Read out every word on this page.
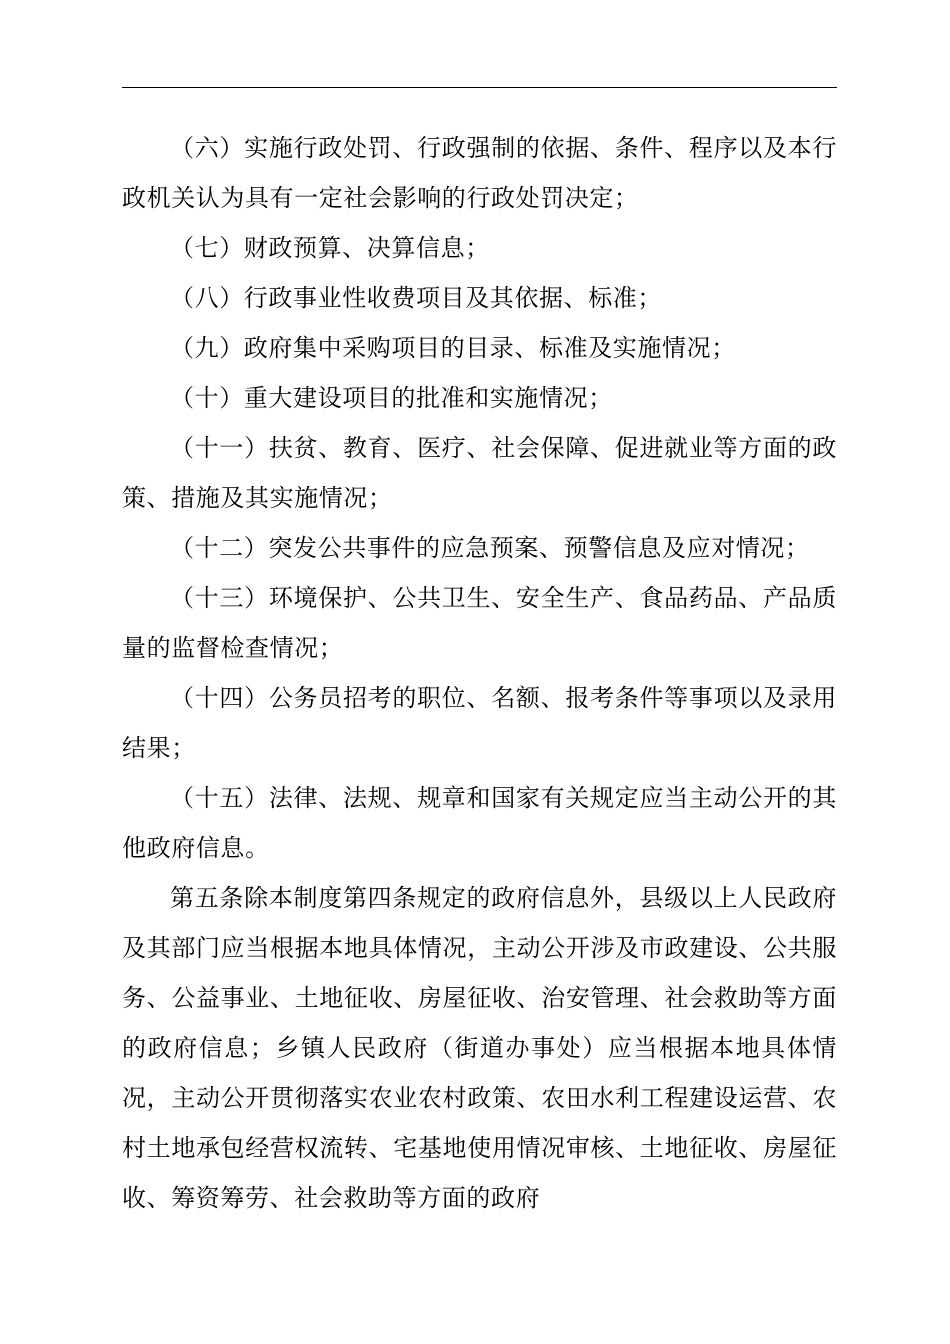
（六）实施行政处罚、行政强制的依据、条件、程序以及本行政机关认为具有一定社会影响的行政处罚决定；

（七）财政预算、决算信息；

（八）行政事业性收费项目及其依据、标准；

（九）政府集中采购项目的目录、标准及实施情况；

（十）重大建设项目的批准和实施情况；

（十一）扶贫、教育、医疗、社会保障、促进就业等方面的政策、措施及其实施情况；

（十二）突发公共事件的应急预案、预警信息及应对情况；

（十三）环境保护、公共卫生、安全生产、食品药品、产品质量的监督检查情况；

（十四）公务员招考的职位、名额、报考条件等事项以及录用结果；

（十五）法律、法规、规章和国家有关规定应当主动公开的其他政府信息。

第五条除本制度第四条规定的政府信息外，县级以上人民政府及其部门应当根据本地具体情况，主动公开涉及市政建设、公共服务、公益事业、土地征收、房屋征收、治安管理、社会救助等方面的政府信息；乡镇人民政府（街道办事处）应当根据本地具体情况，主动公开贯彻落实农业农村政策、农田水利工程建设运营、农村土地承包经营权流转、宅基地使用情况审核、土地征收、房屋征收、筹资筹劳、社会救助等方面的政府
